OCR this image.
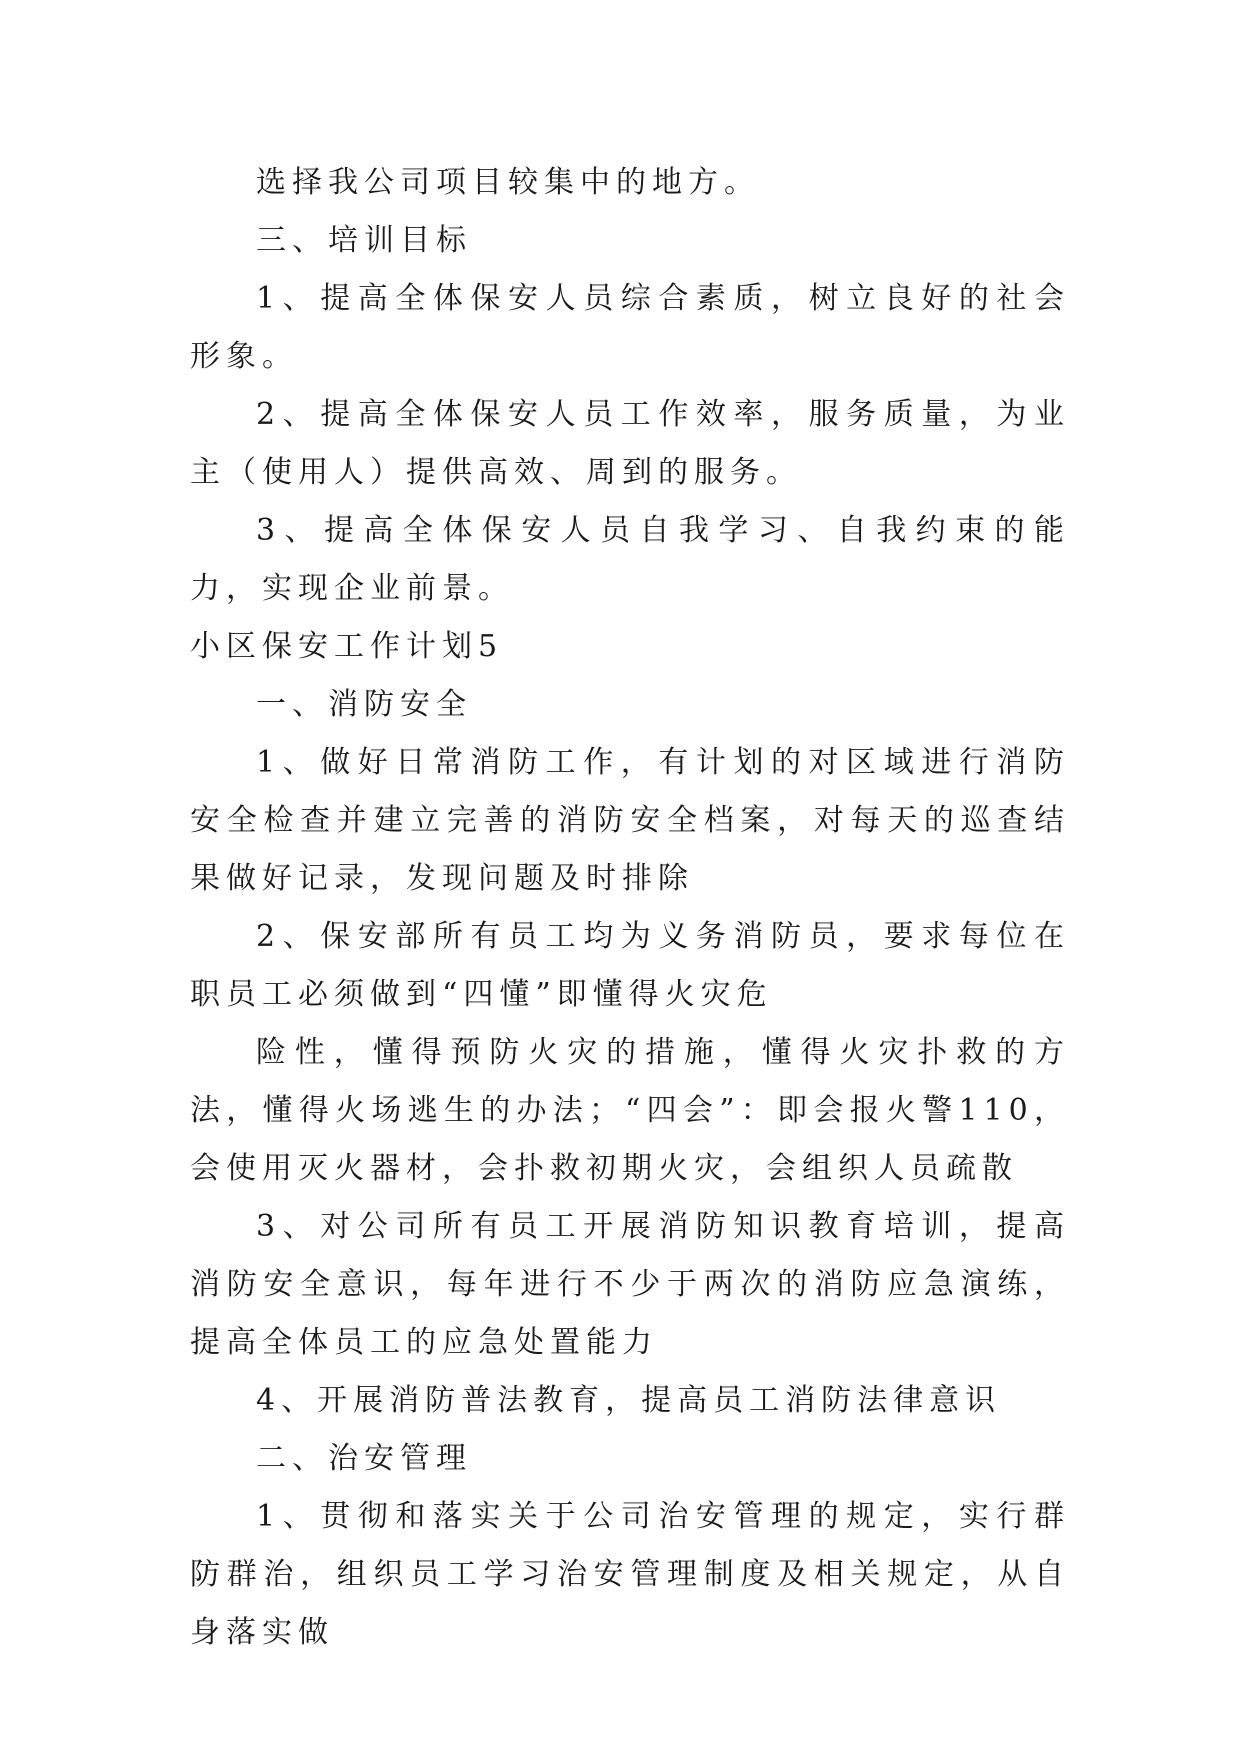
选择我公司项目较集中的地方。

三、培训目标

1、提高全体保安人员综合素质，树立良好的社会形象。

2、提高全体保安人员工作效率，服务质量，为业主（使用人）提供高效、周到的服务。

3、提高全体保安人员自我学习、自我约束的能力，实现企业前景。

小区保安工作计划5

一、消防安全

1、做好日常消防工作，有计划的对区域进行消防安全检查并建立完善的消防安全档案，对每天的巡查结果做好记录，发现问题及时排除

2、保安部所有员工均为义务消防员，要求每位在职员工必须做到“四懂”即懂得火灾危

险性，懂得预防火灾的措施，懂得火灾扑救的方法，懂得火场逃生的办法；“四会”：即会报火警110，会使用灭火器材，会扑救初期火灾，会组织人员疏散

3、对公司所有员工开展消防知识教育培训，提高消防安全意识，每年进行不少于两次的消防应急演练，提高全体员工的应急处置能力

4、开展消防普法教育，提高员工消防法律意识

二、治安管理

1、贯彻和落实关于公司治安管理的规定，实行群防群治，组织员工学习治安管理制度及相关规定，从自身落实做
